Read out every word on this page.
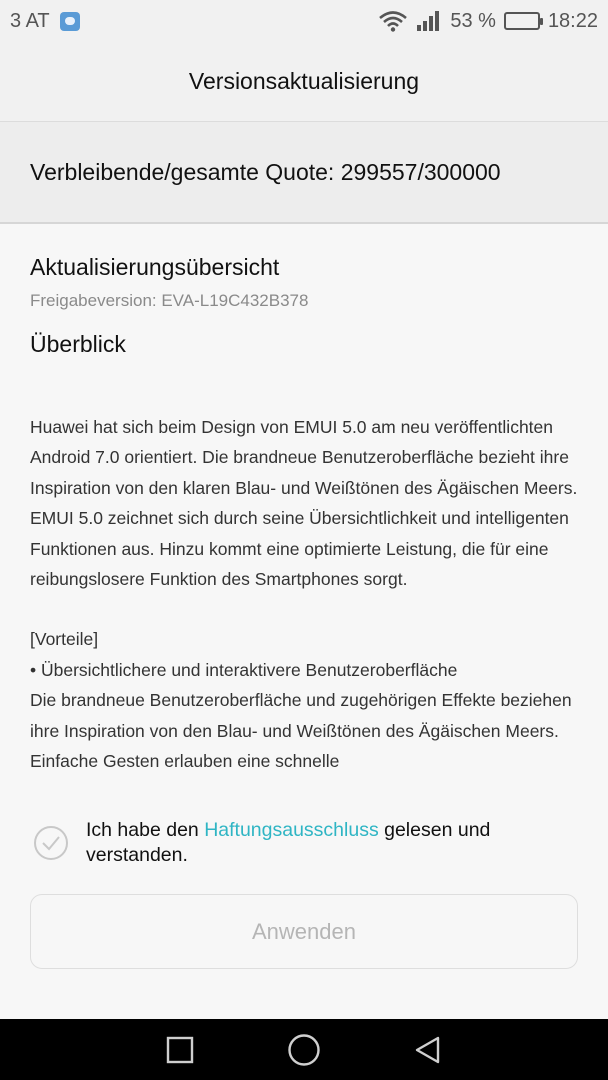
3 AT	53 %	18:22
Versionsaktualisierung
Verbleibende/gesamte Quote: 299557/300000
Aktualisierungsübersicht
Freigabeversion: EVA-L19C432B378
Überblick
Huawei hat sich beim Design von EMUI 5.0 am neu veröffentlichten Android 7.0 orientiert. Die brandneue Benutzeroberfläche bezieht ihre Inspiration von den klaren Blau- und Weißtönen des Ägäischen Meers. EMUI 5.0 zeichnet sich durch seine Übersichtlichkeit und intelligenten Funktionen aus. Hinzu kommt eine optimierte Leistung, die für eine reibungslosere Funktion des Smartphones sorgt.
[Vorteile]
• Übersichtlichere und interaktivere Benutzeroberfläche
Die brandneue Benutzeroberfläche und zugehörigen Effekte beziehen ihre Inspiration von den Blau- und Weißtönen des Ägäischen Meers. Einfache Gesten erlauben eine schnelle
Ich habe den Haftungsausschluss gelesen und verstanden.
Anwenden
